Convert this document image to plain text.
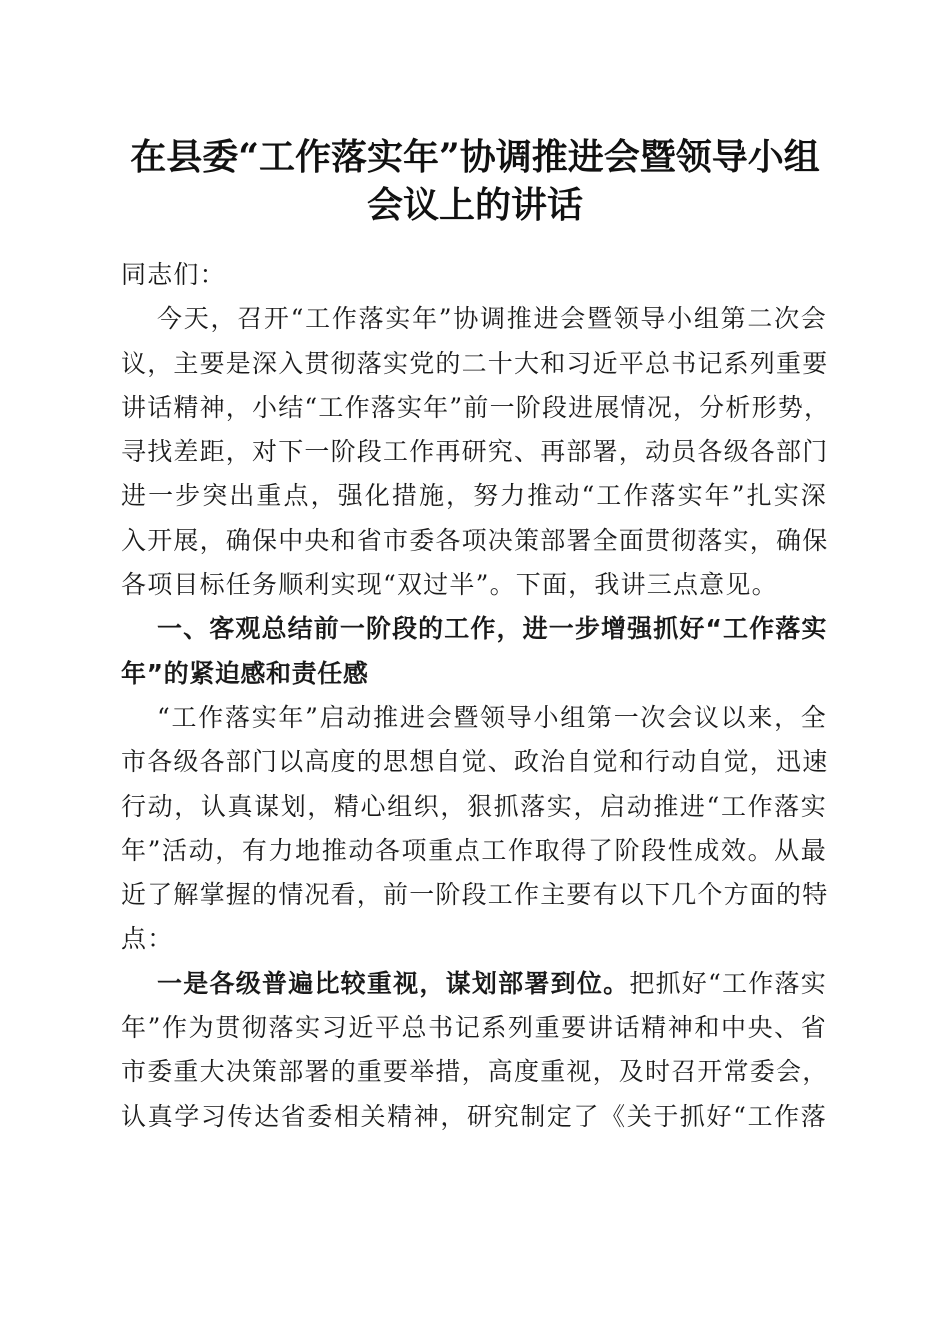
在县委“工作落实年”协调推进会暨领导小组
会议上的讲话
同志们：
今天，召开“工作落实年”协调推进会暨领导小组第二次会
议，主要是深入贯彻落实党的二十大和习近平总书记系列重要
讲话精神，小结“工作落实年”前一阶段进展情况，分析形势，
寻找差距，对下一阶段工作再研究、再部署，动员各级各部门
进一步突出重点，强化措施，努力推动“工作落实年”扎实深
入开展，确保中央和省市委各项决策部署全面贯彻落实，确保
各项目标任务顺利实现“双过半”。下面，我讲三点意见。
一、客观总结前一阶段的工作，进一步增强抓好“工作落实
年”的紧迫感和责任感
“工作落实年”启动推进会暨领导小组第一次会议以来，全
市各级各部门以高度的思想自觉、政治自觉和行动自觉，迅速
行动，认真谋划，精心组织，狠抓落实，启动推进“工作落实
年”活动，有力地推动各项重点工作取得了阶段性成效。从最
近了解掌握的情况看，前一阶段工作主要有以下几个方面的特
点：
一是各级普遍比较重视，谋划部署到位。把抓好“工作落实
年”作为贯彻落实习近平总书记系列重要讲话精神和中央、省
市委重大决策部署的重要举措，高度重视，及时召开常委会，
认真学习传达省委相关精神，研究制定了《关于抓好“工作落
